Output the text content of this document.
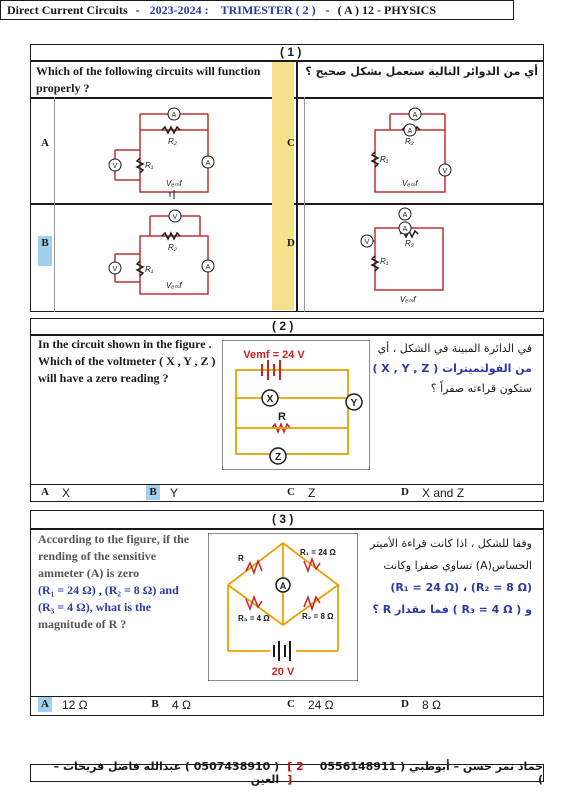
Direct Current Circuits - 2023-2024 : TRIMESTER ( 2 ) - ( A ) 12 - PHYSICS
( 1 )
Which of the following circuits will function properly ?
أي من الدوائر التالية ستعمل بشكل صحيح ؟
A	C
B	D
A
V	A
R₂
R₁
Vₑₘf
A
A
V
R₂
R₁
Vₑₘf
V
V	A
R₂
R₁
Vₑₘf
A
A
V	R₂
R₁
Vₑₘf
( 2 )
In the circuit shown in the figure . Which of the voltmeter ( X , Y , Z ) will have a zero reading ?
في الدائرة المبينة في الشكل ، أي
من الفولتميترات ( X , Y , Z )
ستكون قراءته صفراً ؟
Vemf = 24 V
R
X	Y
Z
A X	B Y	C Z	D X and Z
( 3 )
According to the figure, if the
rending of the sensitive
ammeter (A) is zero
(R₁ = 24 Ω) , (R₂ = 8 Ω) and
(R₃ = 4 Ω), what is the
magnitude of R ?
وفقا للشكل ، اذا كانت قراءة الأميتر
الحساس(A) تساوي صفرا وكانت
(R₂ = 8 Ω) ، (R₁ = 24 Ω)
و ( R₃ = 4 Ω ) فما مقدار R ؟
A
R
R₁ = 24 Ω
R₃ = 4 Ω	R₂ = 8 Ω
20 V
A 12 Ω	B 4 Ω	C 24 Ω	D 8 Ω
( 0507438910 ) عبدالله فاضل فريحات – العين
[ 2 ]
حماد نمر حسن – أبوظبي ( 0556148911 )
